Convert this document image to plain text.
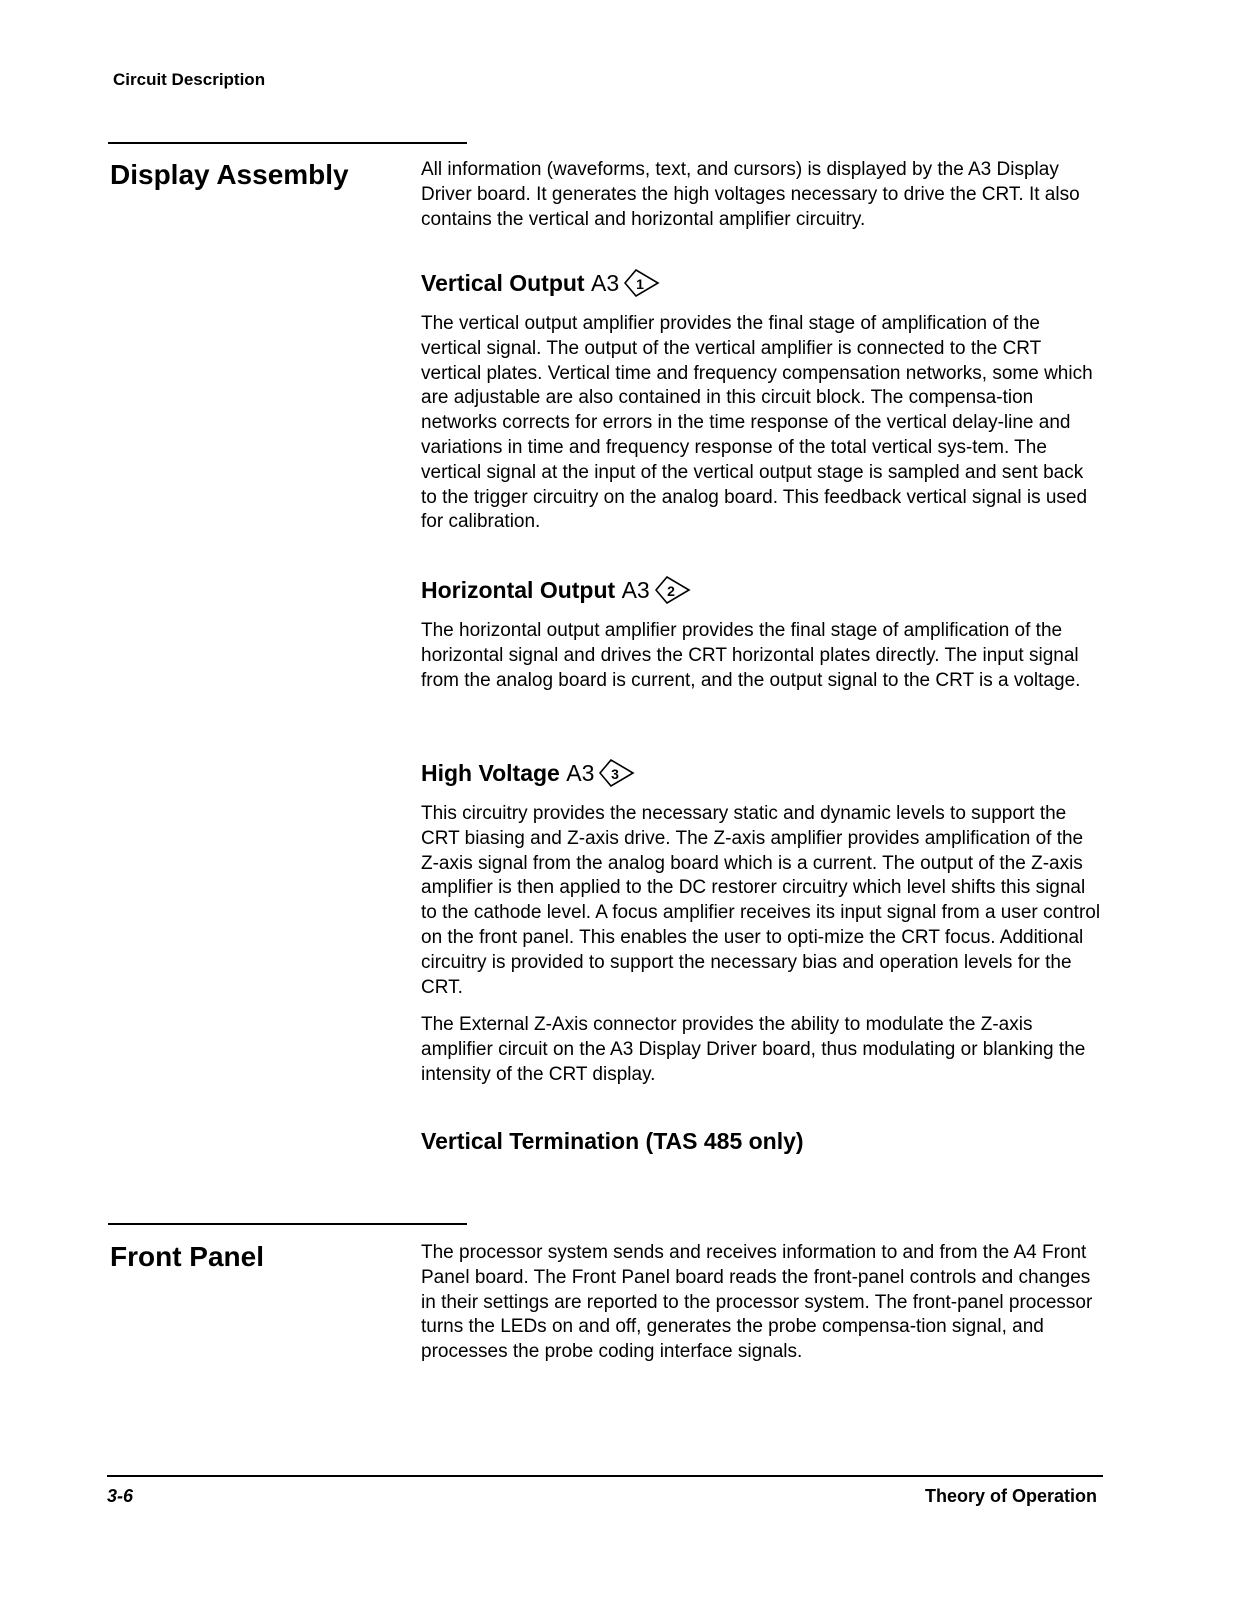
Circuit Description
Display Assembly	All information (waveforms, text, and cursors) is displayed by the A3 Display Driver board. It generates the high voltages necessary to drive the CRT. It also contains the vertical and horizontal amplifier circuitry.

Vertical Output A3 1

The vertical output amplifier provides the final stage of amplification of the vertical signal. The output of the vertical amplifier is connected to the CRT vertical plates. Vertical time and frequency compensation networks, some which are adjustable are also contained in this circuit block. The compensa-tion networks corrects for errors in the time response of the vertical delay-line and variations in time and frequency response of the total vertical sys-tem. The vertical signal at the input of the vertical output stage is sampled and sent back to the trigger circuitry on the analog board. This feedback vertical signal is used for calibration.

Horizontal Output A3 2

The horizontal output amplifier provides the final stage of amplification of the horizontal signal and drives the CRT horizontal plates directly. The input signal from the analog board is current, and the output signal to the CRT is a voltage.

High Voltage A3 3

This circuitry provides the necessary static and dynamic levels to support the CRT biasing and Z-axis drive. The Z-axis amplifier provides amplification of the Z-axis signal from the analog board which is a current. The output of the Z-axis amplifier is then applied to the DC restorer circuitry which level shifts this signal to the cathode level. A focus amplifier receives its input signal from a user control on the front panel. This enables the user to opti-mize the CRT focus. Additional circuitry is provided to support the necessary bias and operation levels for the CRT.

The External Z-Axis connector provides the ability to modulate the Z-axis amplifier circuit on the A3 Display Driver board, thus modulating or blanking the intensity of the CRT display.

Vertical Termination (TAS 485 only)
Front Panel	The processor system sends and receives information to and from the A4 Front Panel board. The Front Panel board reads the front-panel controls and changes in their settings are reported to the processor system. The front-panel processor turns the LEDs on and off, generates the probe compensa-tion signal, and processes the probe coding interface signals.

3-6	Theory of Operation
